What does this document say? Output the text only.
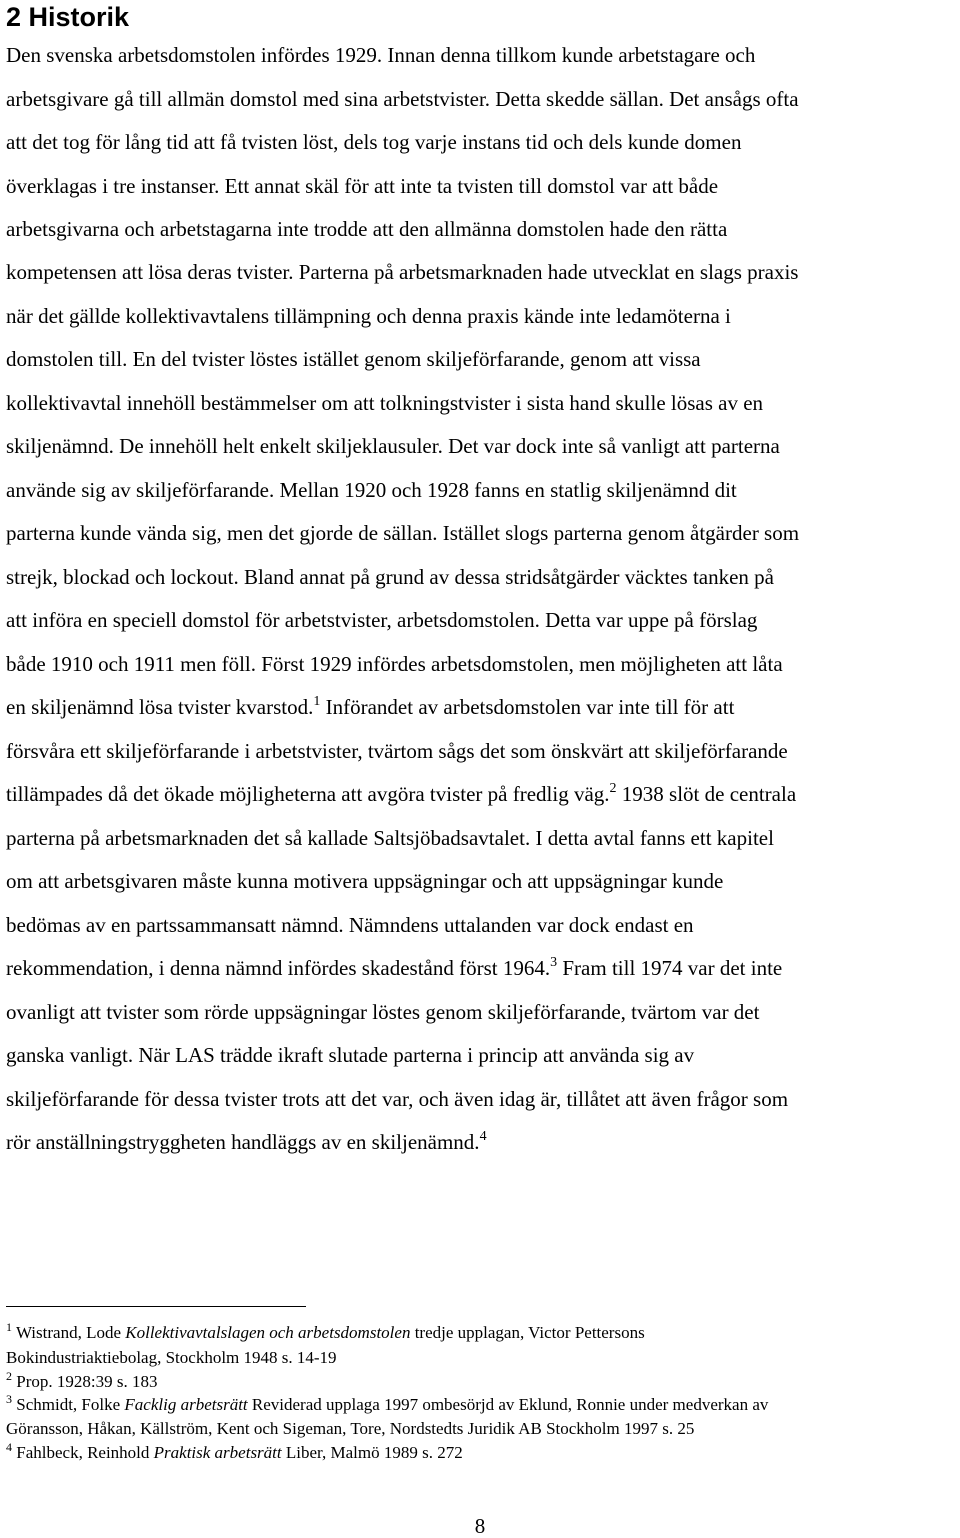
2 Historik

Den svenska arbetsdomstolen infördes 1929. Innan denna tillkom kunde arbetstagare och

arbetsgivare gå till allmän domstol med sina arbetstvister. Detta skedde sällan. Det ansågs ofta

att det tog för lång tid att få tvisten löst, dels tog varje instans tid och dels kunde domen

överklagas i tre instanser. Ett annat skäl för att inte ta tvisten till domstol var att både

arbetsgivarna och arbetstagarna inte trodde att den allmänna domstolen hade den rätta

kompetensen att lösa deras tvister. Parterna på arbetsmarknaden hade utvecklat en slags praxis

när det gällde kollektivavtalens tillämpning och denna praxis kände inte ledamöterna i

domstolen till. En del tvister löstes istället genom skiljeförfarande, genom att vissa

kollektivavtal innehöll bestämmelser om att tolkningstvister i sista hand skulle lösas av en

skiljenämnd. De innehöll helt enkelt skiljeklausuler. Det var dock inte så vanligt att parterna

använde sig av skiljeförfarande. Mellan 1920 och 1928 fanns en statlig skiljenämnd dit

parterna kunde vända sig, men det gjorde de sällan. Istället slogs parterna genom åtgärder som

strejk, blockad och lockout. Bland annat på grund av dessa stridsåtgärder väcktes tanken på

att införa en speciell domstol för arbetstvister, arbetsdomstolen. Detta var uppe på förslag

både 1910 och 1911 men föll. Först 1929 infördes arbetsdomstolen, men möjligheten att låta

en skiljenämnd lösa tvister kvarstod.$^1$ Införandet av arbetsdomstolen var inte till för att

försvåra ett skiljeförfarande i arbetstvister, tvärtom sågs det som önskvärt att skiljeförfarande

tillämpades då det ökade möjligheterna att avgöra tvister på fredlig väg.$^2$ 1938 slöt de centrala

parterna på arbetsmarknaden det så kallade Saltsjöbadsavtalet. I detta avtal fanns ett kapitel

om att arbetsgivaren måste kunna motivera uppsägningar och att uppsägningar kunde

bedömas av en partssammansatt nämnd. Nämndens uttalanden var dock endast en

rekommendation, i denna nämnd infördes skadestånd först 1964.$^3$ Fram till 1974 var det inte

ovanligt att tvister som rörde uppsägningar löstes genom skiljeförfarande, tvärtom var det

ganska vanligt. När LAS trädde ikraft slutade parterna i princip att använda sig av

skiljeförfarande för dessa tvister trots att det var, och även idag är, tillåtet att även frågor som

rör anställningstryggheten handläggs av en skiljenämnd.$^4$

$^1$ Wistrand, Lode Kollektivavtalslagen och arbetsdomstolen tredje upplagan, Victor Pettersons

Bokindustriaktiebolag, Stockholm 1948 s. 14-19

$^2$ Prop. 1928:39 s. 183

$^3$ Schmidt, Folke Facklig arbetsrätt Reviderad upplaga 1997 ombesörjd av Eklund, Ronnie under medverkan av

Göransson, Håkan, Källström, Kent och Sigeman, Tore, Nordstedts Juridik AB Stockholm 1997 s. 25

$^4$ Fahlbeck, Reinhold Praktisk arbetsrätt Liber, Malmö 1989 s. 272

8
